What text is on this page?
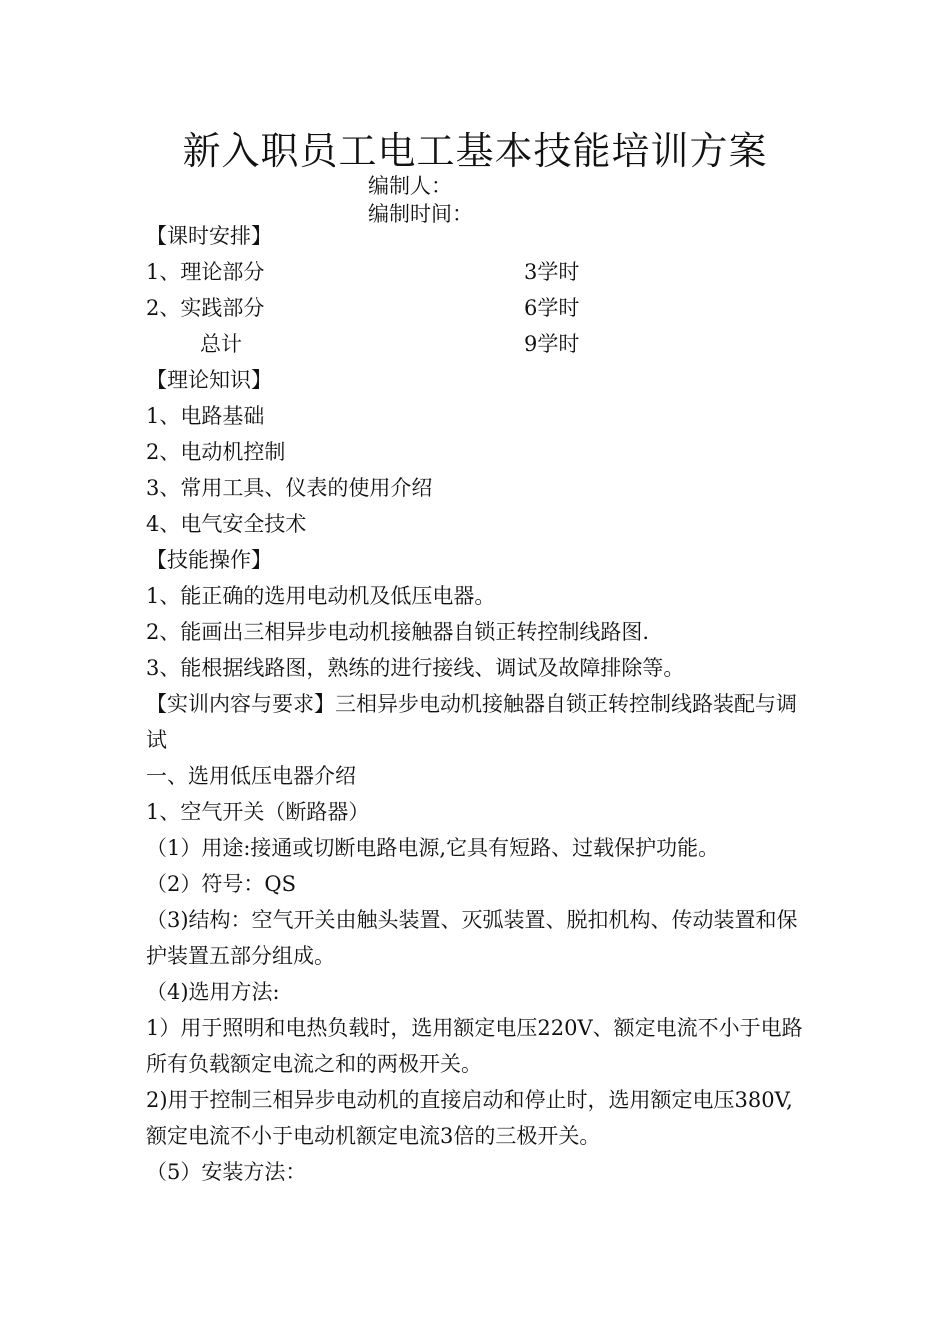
新入职员工电工基本技能培训方案
编制人：
编制时间：
【课时安排】
1、理论部分	3学时
2、实践部分	6学时
总计	9学时
【理论知识】
1、电路基础
2、电动机控制
3、常用工具、仪表的使用介绍
4、电气安全技术
【技能操作】
1、能正确的选用电动机及低压电器。
2、能画出三相异步电动机接触器自锁正转控制线路图.
3、能根据线路图，熟练的进行接线、调试及故障排除等。
【实训内容与要求】三相异步电动机接触器自锁正转控制线路装配与调试
一、选用低压电器介绍
1、空气开关（断路器）
（1）用途:接通或切断电路电源,它具有短路、过载保护功能。
（2）符号：QS
（3)结构：空气开关由触头装置、灭弧装置、脱扣机构、传动装置和保护装置五部分组成。
（4)选用方法:
1）用于照明和电热负载时，选用额定电压220V、额定电流不小于电路所有负载额定电流之和的两极开关。
2)用于控制三相异步电动机的直接启动和停止时，选用额定电压380V,额定电流不小于电动机额定电流3倍的三极开关。
（5）安装方法：
